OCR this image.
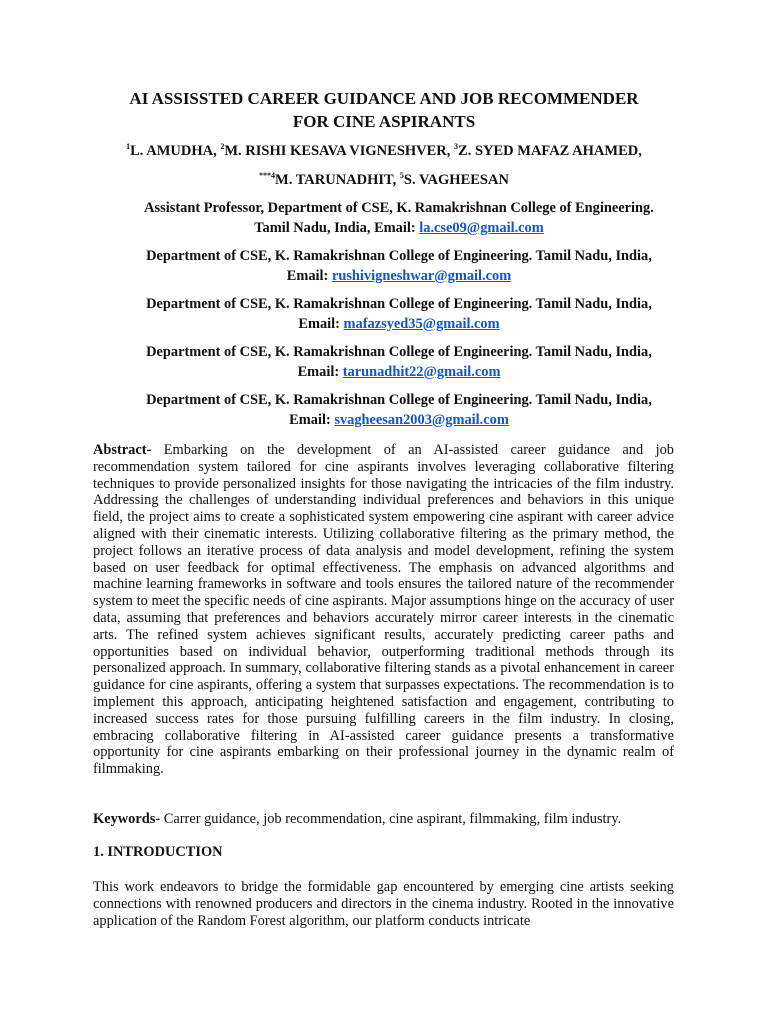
AI ASSISSTED CAREER GUIDANCE AND JOB RECOMMENDER
FOR CINE ASPIRANTS
$^1$L. AMUDHA, $^2$M. RISHI KESAVA VIGNESHVER, $^3$Z. SYED MAFAZ AHAMED,
$^{***4}$M. TARUNADHIT, $^5$S. VAGHEESAN
Assistant Professor, Department of CSE, K. Ramakrishnan College of Engineering.
Tamil Nadu, India, Email: la.cse09@gmail.com
Department of CSE, K. Ramakrishnan College of Engineering. Tamil Nadu, India,
Email: rushivigneshwar@gmail.com
Department of CSE, K. Ramakrishnan College of Engineering. Tamil Nadu, India,
Email: mafazsyed35@gmail.com
Department of CSE, K. Ramakrishnan College of Engineering. Tamil Nadu, India,
Email: tarunadhit22@gmail.com
Department of CSE, K. Ramakrishnan College of Engineering. Tamil Nadu, India,
Email: svagheesan2003@gmail.com
Abstract- Embarking on the development of an AI-assisted career guidance and job recommendation system tailored for cine aspirants involves leveraging collaborative filtering techniques to provide personalized insights for those navigating the intricacies of the film industry. Addressing the challenges of understanding individual preferences and behaviors in this unique field, the project aims to create a sophisticated system empowering cine aspirant with career advice aligned with their cinematic interests. Utilizing collaborative filtering as the primary method, the project follows an iterative process of data analysis and model development, refining the system based on user feedback for optimal effectiveness. The emphasis on advanced algorithms and machine learning frameworks in software and tools ensures the tailored nature of the recommender system to meet the specific needs of cine aspirants. Major assumptions hinge on the accuracy of user data, assuming that preferences and behaviors accurately mirror career interests in the cinematic arts. The refined system achieves significant results, accurately predicting career paths and opportunities based on individual behavior, outperforming traditional methods through its personalized approach. In summary, collaborative filtering stands as a pivotal enhancement in career guidance for cine aspirants, offering a system that surpasses expectations. The recommendation is to implement this approach, anticipating heightened satisfaction and engagement, contributing to increased success rates for those pursuing fulfilling careers in the film industry. In closing, embracing collaborative filtering in AI-assisted career guidance presents a transformative opportunity for cine aspirants embarking on their professional journey in the dynamic realm of filmmaking.
Keywords- Carrer guidance, job recommendation, cine aspirant, filmmaking, film industry.
1. INTRODUCTION
This work endeavors to bridge the formidable gap encountered by emerging cine artists seeking connections with renowned producers and directors in the cinema industry. Rooted in the innovative application of the Random Forest algorithm, our platform conducts intricate
